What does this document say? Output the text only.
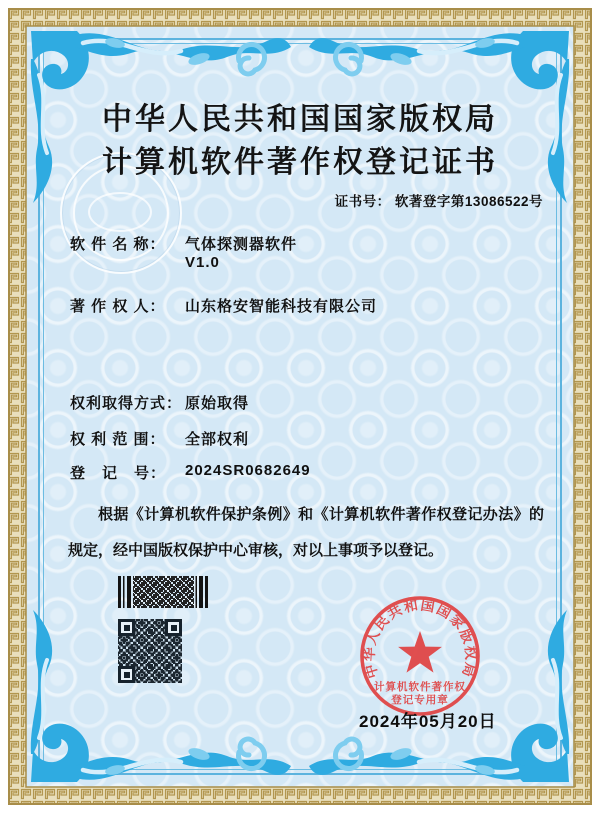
中华人民共和国国家版权局
计算机软件著作权登记证书
证书号： 软著登字第13086522号
软 件 名 称： 气体探测器软件
V1.0
著 作 权 人： 山东格安智能科技有限公司
权利取得方式： 原始取得
权 利 范 围： 全部权利
登　记　号： 2024SR0682649
根据《计算机软件保护条例》和《计算机软件著作权登记办法》的规定，经中国版权保护中心审核，对以上事项予以登记。
中华人民共和国国家版权局
计算机软件著作权
登记专用章
2024年05月20日
